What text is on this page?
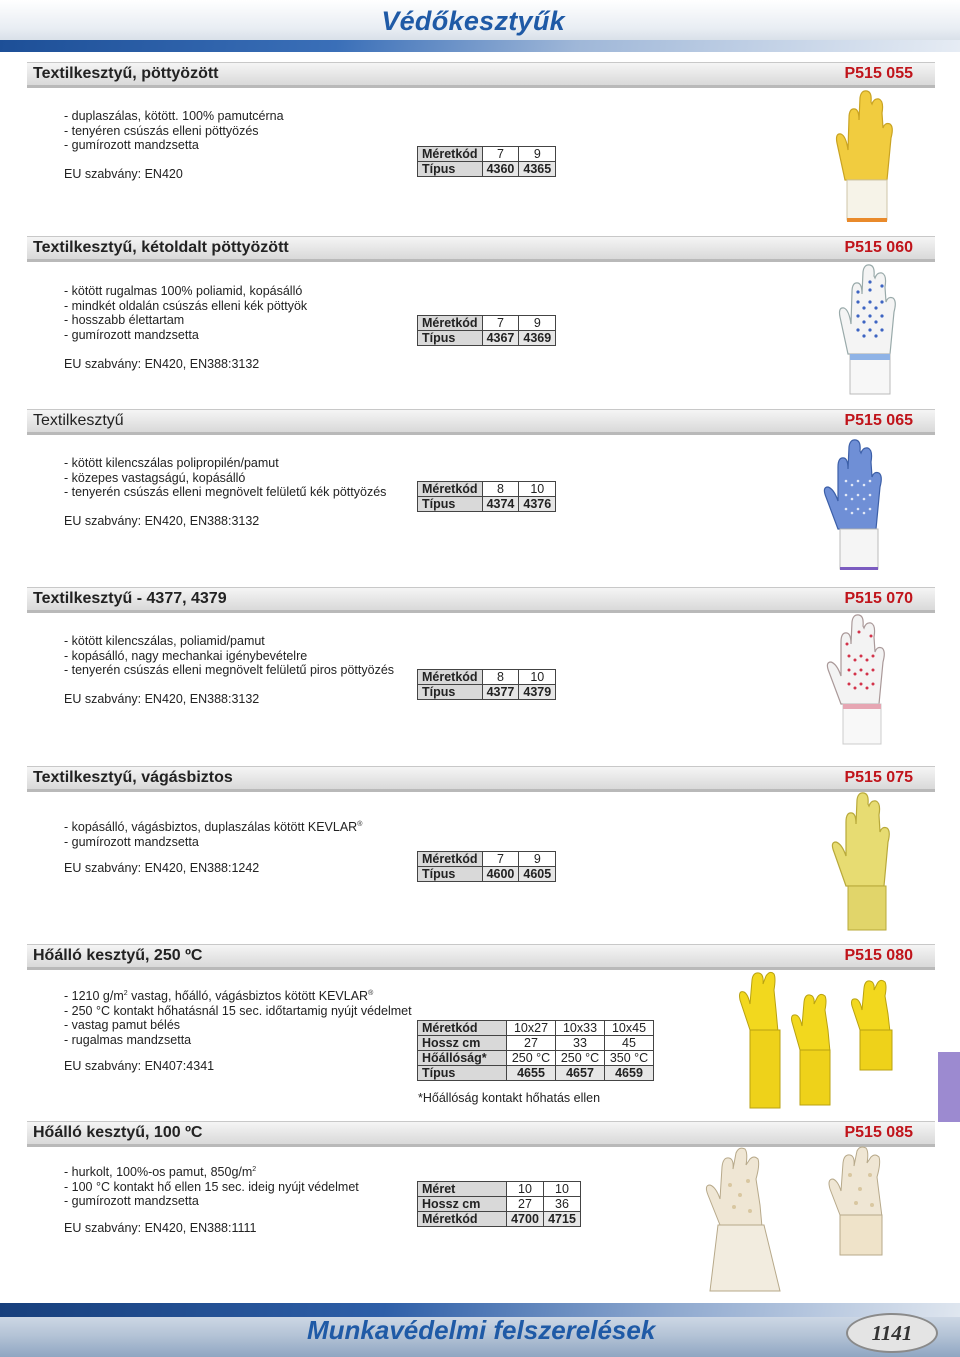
Védőkesztyűk
Textilkesztyű, pöttyözött	P515 055
- duplaszálas, kötött. 100% pamutcérna
- tenyéren csúszás elleni pöttyözés
- gumírozott mandzsetta
EU szabvány: EN420
Méretkód	7	9
Típus	4360	4365
Textilkesztyű, kétoldalt pöttyözött	P515 060
- kötött rugalmas 100% poliamid, kopásálló
- mindkét oldalán csúszás elleni kék pöttyök
- hosszabb élettartam
- gumírozott mandzsetta
EU szabvány: EN420, EN388:3132
Méretkód	7	9
Típus	4367	4369
Textilkesztyű	P515 065
- kötött kilencszálas polipropilén/pamut
- közepes vastagságú, kopásálló
- tenyerén csúszás elleni megnövelt felületű kék pöttyözés
EU szabvány: EN420, EN388:3132
Méretkód	8	10
Típus	4374	4376
Textilkesztyű - 4377, 4379	P515 070
- kötött kilencszálas, poliamid/pamut
- kopásálló, nagy mechankai igénybevételre
- tenyerén csúszás elleni megnövelt felületű piros pöttyözés
EU szabvány: EN420, EN388:3132
Méretkód	8	10
Típus	4377	4379
Textilkesztyű, vágásbiztos	P515 075
- kopásálló, vágásbiztos, duplaszálas kötött KEVLAR®
- gumírozott mandzsetta
EU szabvány: EN420, EN388:1242
Méretkód	7	9
Típus	4600	4605
Hőálló kesztyű, 250 ºC	P515 080
- 1210 $g/m^2$ vastag, hőálló, vágásbiztos kötött KEVLAR®
- 250 °C kontakt hőhatásnál 15 sec. időtartamig nyújt védelmet
- vastag pamut bélés
- rugalmas mandzsetta
EU szabvány: EN407:4341
Méretkód	10x27	10x33	10x45
Hossz cm	27	33	45
Hőállóság*	250 °C	250 °C	350 °C
Típus	4655	4657	4659
*Hőállóság kontakt hőhatás ellen
Hőálló kesztyű, 100 ºC	P515 085
- hurkolt, 100%-os pamut, $850g/m^2$
- 100 °C kontakt hő ellen 15 sec. ideig nyújt védelmet
- gumírozott mandzsetta
EU szabvány: EN420, EN388:1111
Méret	10	10
Hossz cm	27	36
Méretkód	4700	4715
Munkavédelmi felszerelések	1141
